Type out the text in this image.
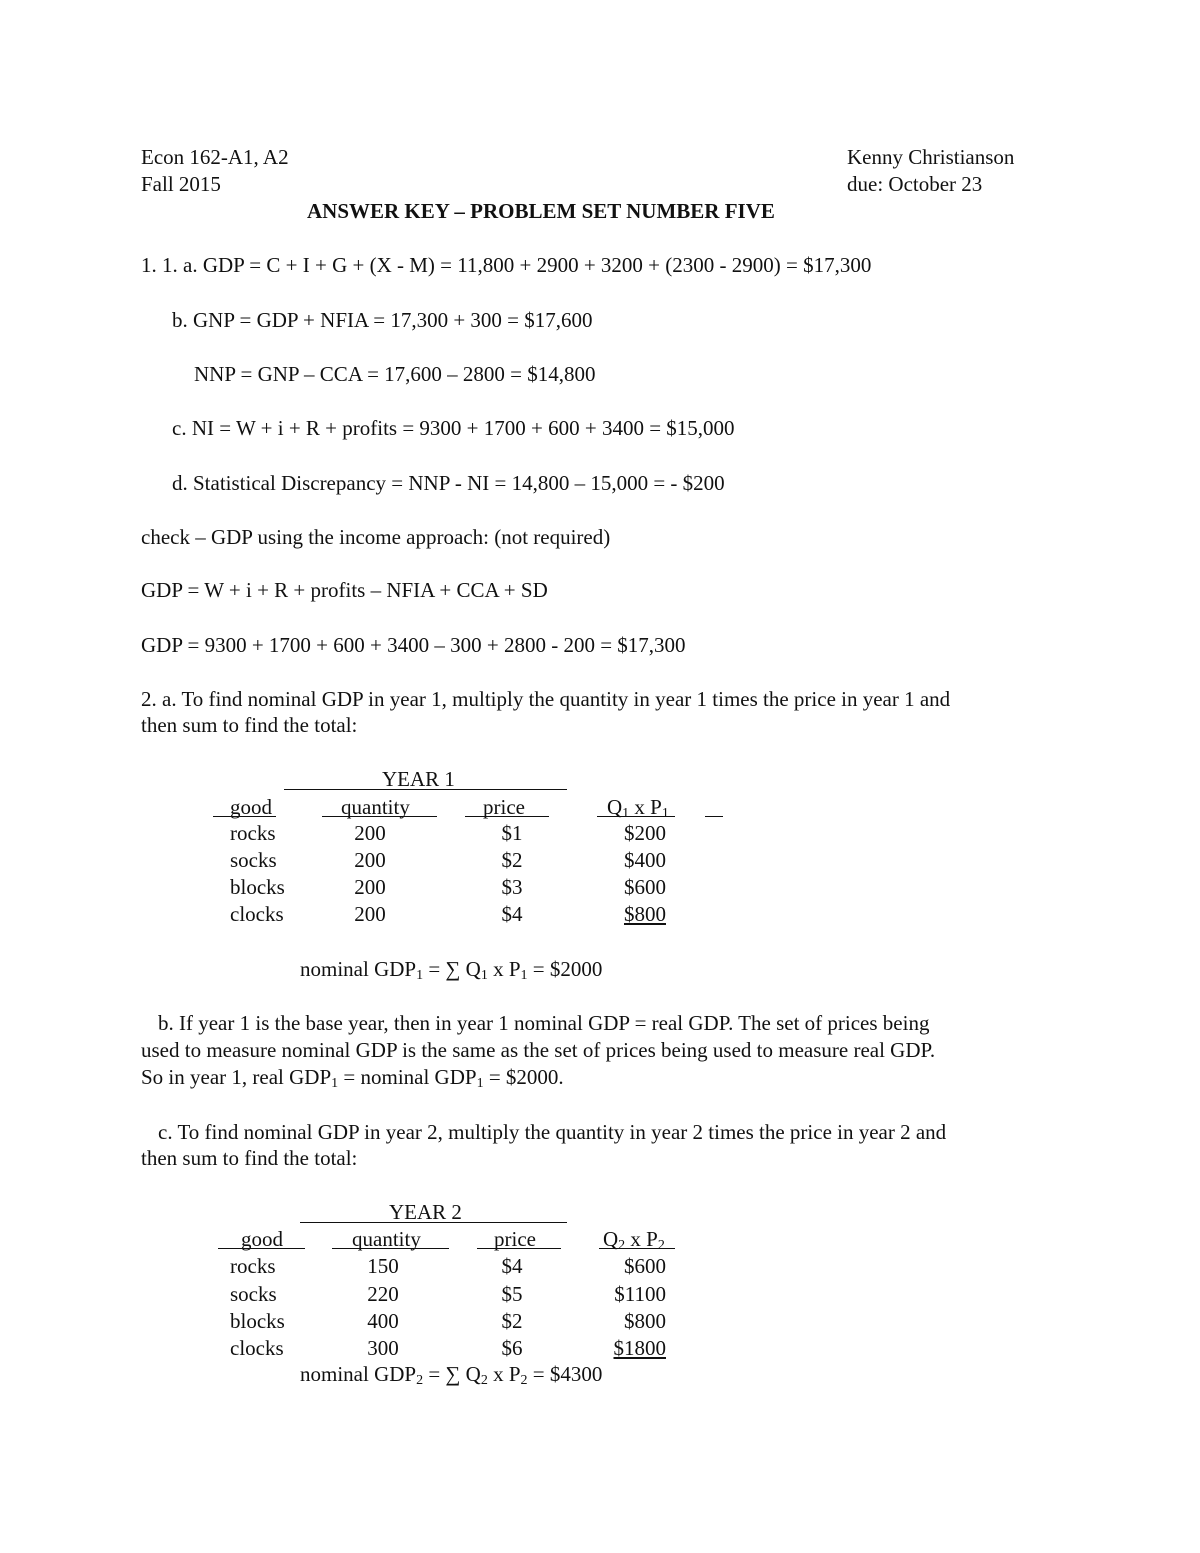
Econ 162-A1, A2
Fall 2015
Kenny Christianson
due: October 23
ANSWER KEY – PROBLEM SET NUMBER FIVE
1. 1. a. GDP = C + I + G + (X - M) = 11,800 + 2900 + 3200 + (2300 - 2900) = $17,300
b. GNP = GDP + NFIA = 17,300 + 300 = $17,600
NNP = GNP – CCA = 17,600 – 2800 = $14,800
c. NI = W + i + R + profits = 9300 + 1700 + 600 + 3400 = $15,000
d. Statistical Discrepancy = NNP - NI = 14,800 – 15,000 = - $200
check – GDP using the income approach: (not required)
GDP = W + i + R + profits – NFIA + CCA + SD
GDP = 9300 + 1700 + 600 + 3400 – 300 + 2800 - 200 = $17,300
2. a. To find nominal GDP in year 1, multiply the quantity in year 1 times the price in year 1 and
then sum to find the total:
YEAR 1
good	quantity	price	$Q_1$ x $P_1$
rocks	200	$1	$200
socks	200	$2	$400
blocks	200	$3	$600
clocks	200	$4	$800
nominal $GDP_1$ = ∑ $Q_1$ x $P_1$ = $2000
b. If year 1 is the base year, then in year 1 nominal GDP = real GDP. The set of prices being
used to measure nominal GDP is the same as the set of prices being used to measure real GDP.
So in year 1, real $GDP_1$ = nominal $GDP_1$ = $2000.
c. To find nominal GDP in year 2, multiply the quantity in year 2 times the price in year 2 and
then sum to find the total:
YEAR 2
good	quantity	price	$Q_2$ x $P_2$
rocks	150	$4	$600
socks	220	$5	$1100
blocks	400	$2	$800
clocks	300	$6	$1800
nominal $GDP_2$ = ∑ $Q_2$ x $P_2$ = $4300
